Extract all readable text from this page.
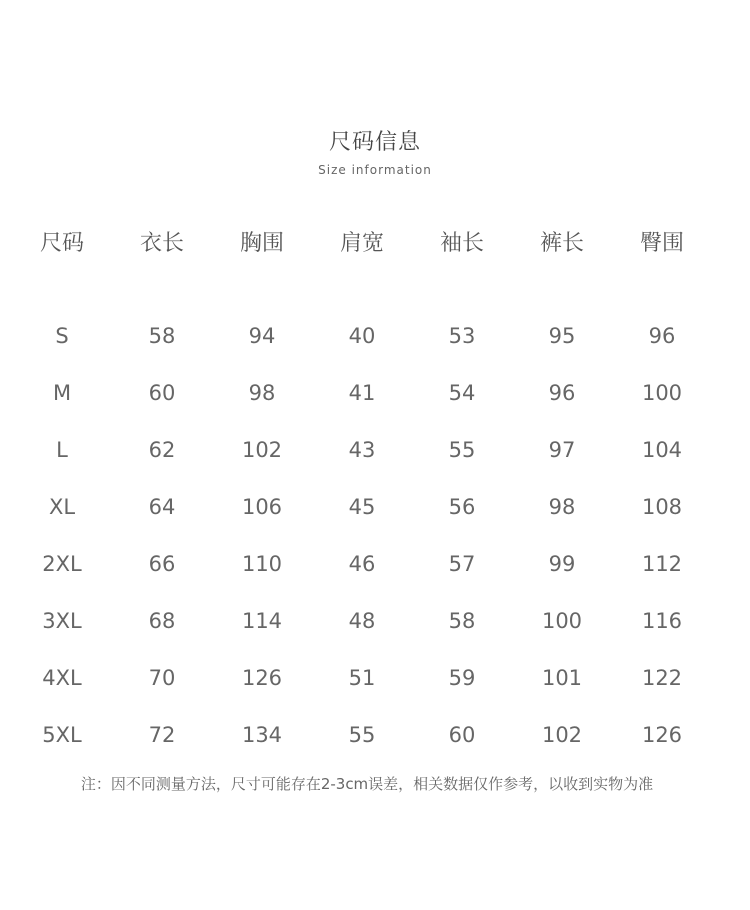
尺码信息
Size information
尺码	衣长	胸围	肩宽	袖长	裤长	臀围
S	58	94	40	53	95	96
M	60	98	41	54	96	100
L	62	102	43	55	97	104
XL	64	106	45	56	98	108
2XL	66	110	46	57	99	112
3XL	68	114	48	58	100	116
4XL	70	126	51	59	101	122
5XL	72	134	55	60	102	126
注：因不同测量方法，尺寸可能存在2-3cm误差，相关数据仅作参考，以收到实物为准
